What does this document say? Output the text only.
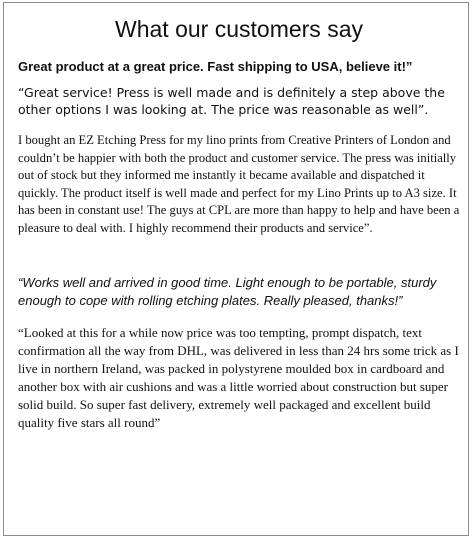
What our customers say
Great product at a great price. Fast shipping to USA, believe it!”

“Great service! Press is well made and is definitely a step above the other options I was looking at. The price was reasonable as well”.

I bought an EZ Etching Press for my lino prints from Creative Printers of London and couldn’t be happier with both the product and customer service. The press was initially out of stock but they informed me instantly it became available and dispatched it quickly. The product itself is well made and perfect for my Lino Prints up to A3 size. It has been in constant use! The guys at CPL are more than happy to help and have been a pleasure to deal with. I highly recommend their products and service”.

“Works well and arrived in good time. Light enough to be portable, sturdy enough to cope with rolling etching plates. Really pleased, thanks!”

“Looked at this for a while now price was too tempting, prompt dispatch, text confirmation all the way from DHL, was delivered in less than 24 hrs some trick as I live in northern Ireland, was packed in polystyrene moulded box in cardboard and another box with air cushions and was a little worried about construction but super solid build. So super fast delivery, extremely well packaged and excellent build quality five stars all round”
